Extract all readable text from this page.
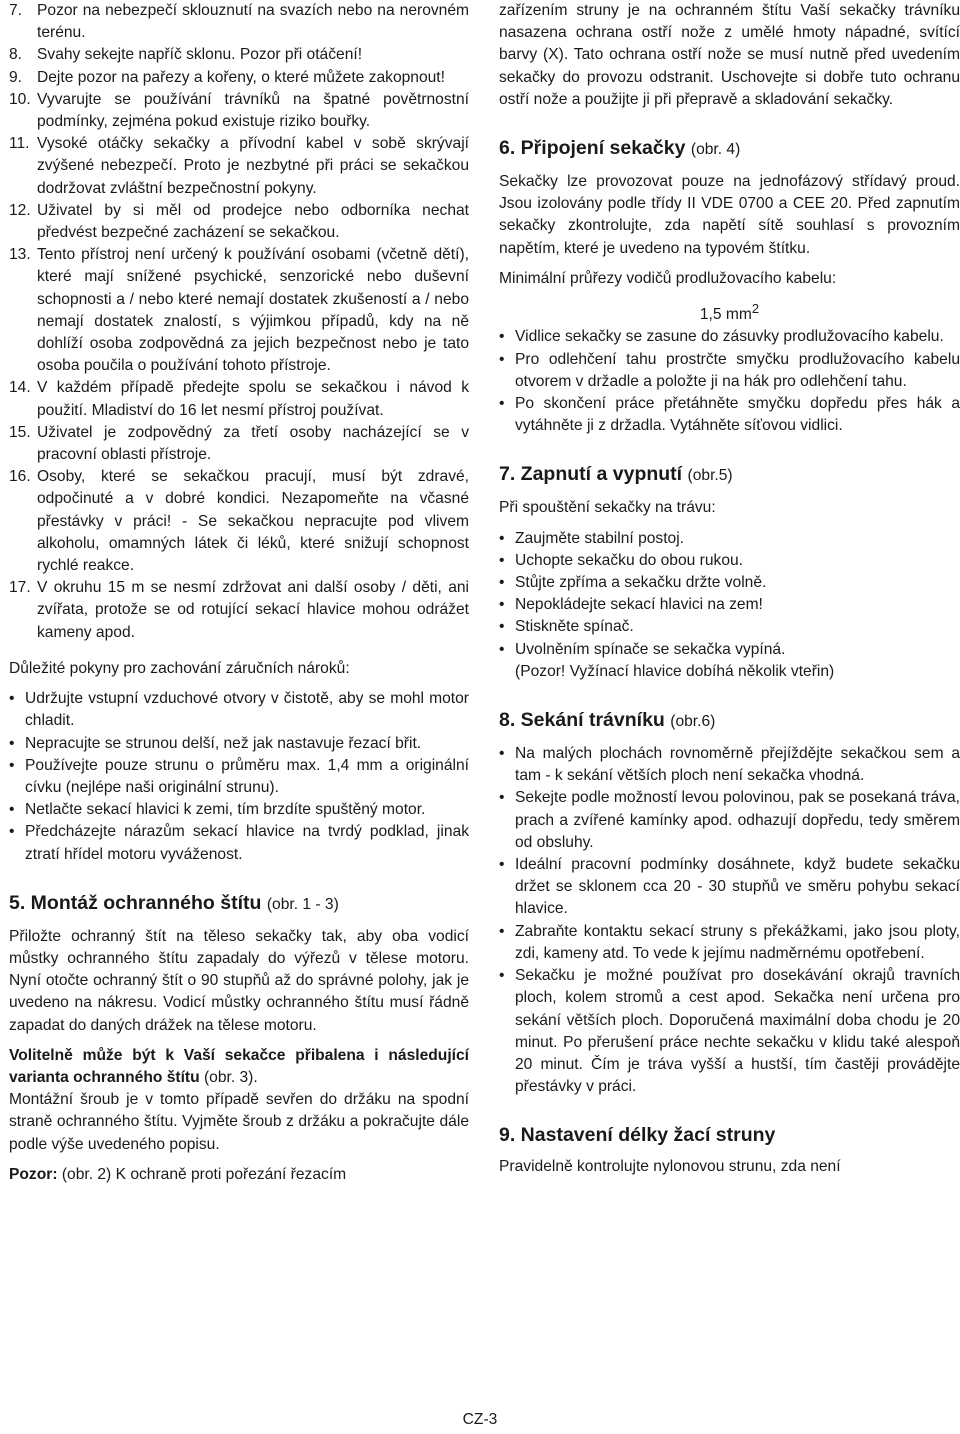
7. Pozor na nebezpečí sklouznutí na svazích nebo na nerovném terénu.
8. Svahy sekejte napříč sklonu. Pozor při otáčení!
9. Dejte pozor na pařezy a kořeny, o které můžete zakopnout!
10. Vyvarujte se používání trávníků na špatné povětrnostní podmínky, zejména pokud existuje riziko bouřky.
11. Vysoké otáčky sekačky a přívodní kabel v sobě skrývají zvýšené nebezpečí. Proto je nezbytné při práci se sekačkou dodržovat zvláštní bezpečnostní pokyny.
12. Uživatel by si měl od prodejce nebo odborníka nechat předvést bezpečné zacházení se sekačkou.
13. Tento přístroj není určený k používání osobami (včetně dětí), které mají snížené psychické, senzorické nebo duševní schopnosti a / nebo které nemají dostatek zkušeností a / nebo nemají dostatek znalostí, s výjimkou případů, kdy na ně dohlíží osoba zodpovědná za jejich bezpečnost nebo je tato osoba poučila o používání tohoto přístroje.
14. V každém případě předejte spolu se sekačkou i návod k použití. Mladiství do 16 let nesmí přístroj používat.
15. Uživatel je zodpovědný za třetí osoby nacházející se v pracovní oblasti přístroje.
16. Osoby, které se sekačkou pracují, musí být zdravé, odpočinuté a v dobré kondici. Nezapomeňte na včasné přestávky v práci! - Se sekačkou nepracujte pod vlivem alkoholu, omamných látek či léků, které snižují schopnost rychlé reakce.
17. V okruhu 15 m se nesmí zdržovat ani další osoby / děti, ani zvířata, protože se od rotující sekací hlavice mohou odrážet kameny apod.

Důležité pokyny pro zachování záručních nároků:

• Udržujte vstupní vzduchové otvory v čistotě, aby se mohl motor chladit.
• Nepracujte se strunou delší, než jak nastavuje řezací břit.
• Používejte pouze strunu o průměru max. 1,4 mm a originální cívku (nejlépe naši originální strunu).
• Netlačte sekací hlavici k zemi, tím brzdíte spuštěný motor.
• Předcházejte nárazům sekací hlavice na tvrdý podklad, jinak ztratí hřídel motoru vyváženost.
5. Montáž ochranného štítu (obr. 1 - 3)

Přiložte ochranný štít na těleso sekačky tak, aby oba vodicí můstky ochranného štítu zapadaly do výřezů v tělese motoru. Nyní otočte ochranný štít o 90 stupňů až do správné polohy, jak je uvedeno na nákresu. Vodicí můstky ochranného štítu musí řádně zapadat do daných drážek na tělese motoru.

Volitelně může být k Vaší sekačce přibalena i následující varianta ochranného štítu (obr. 3).

Montážní šroub je v tomto případě sevřen do držáku na spodní straně ochranného štítu. Vyjměte šroub z držáku a pokračujte dále podle výše uvedeného popisu.

Pozor: (obr. 2) K ochraně proti pořezání řezacím

zařízením struny je na ochranném štítu Vaší sekačky trávníku nasazena ochrana ostří nože z umělé hmoty nápadné, svítící barvy (X). Tato ochrana ostří nože se musí nutně před uvedením sekačky do provozu odstranit. Uschovejte si dobře tuto ochranu ostří nože a použijte ji při přepravě a skladování sekačky.

6. Připojení sekačky (obr. 4)

Sekačky lze provozovat pouze na jednofázový střídavý proud. Jsou izolovány podle třídy II VDE 0700 a CEE 20. Před zapnutím sekačky zkontrolujte, zda napětí sítě souhlasí s provozním napětím, které je uvedeno na typovém štítku.

Minimální průřezy vodičů prodlužovacího kabelu:

1,5 $mm^2$

• Vidlice sekačky se zasune do zásuvky prodlužovacího kabelu.
• Pro odlehčení tahu prostrčte smyčku prodlužovacího kabelu otvorem v držadle a položte ji na hák pro odlehčení tahu.
• Po skončení práce přetáhněte smyčku dopředu přes hák a vytáhněte ji z držadla. Vytáhněte síťovou vidlici.
7. Zapnutí a vypnutí (obr.5)

Při spouštění sekačky na trávu:

• Zaujměte stabilní postoj.
• Uchopte sekačku do obou rukou.
• Stůjte zpříma a sekačku držte volně.
• Nepokládejte sekací hlavici na zem!
• Stiskněte spínač.
• Uvolněním spínače se sekačka vypíná.

(Pozor! Vyžínací hlavice dobíhá několik vteřin)

8. Sekání trávníku (obr.6)
• Na malých plochách rovnoměrně přejíždějte sekačkou sem a tam - k sekání větších ploch není sekačka vhodná.
• Sekejte podle možností levou polovinou, pak se posekaná tráva, prach a zvířené kamínky apod. odhazují dopředu, tedy směrem od obsluhy.
• Ideální pracovní podmínky dosáhnete, když budete sekačku držet se sklonem cca 20 - 30 stupňů ve směru pohybu sekací hlavice.
• Zabraňte kontaktu sekací struny s překážkami, jako jsou ploty, zdi, kameny atd. To vede k jejímu nadměrnému opotřebení.
• Sekačku je možné používat pro dosekávání okrajů travních ploch, kolem stromů a cest apod. Sekačka není určena pro sekání větších ploch. Doporučená maximální doba chodu je 20 minut. Po přerušení práce nechte sekačku v klidu také alespoň 20 minut. Čím je tráva vyšší a hustší, tím častěji provádějte přestávky v práci.
9. Nastavení délky žací struny

Pravidelně kontrolujte nylonovou strunu, zda není

CZ-3
